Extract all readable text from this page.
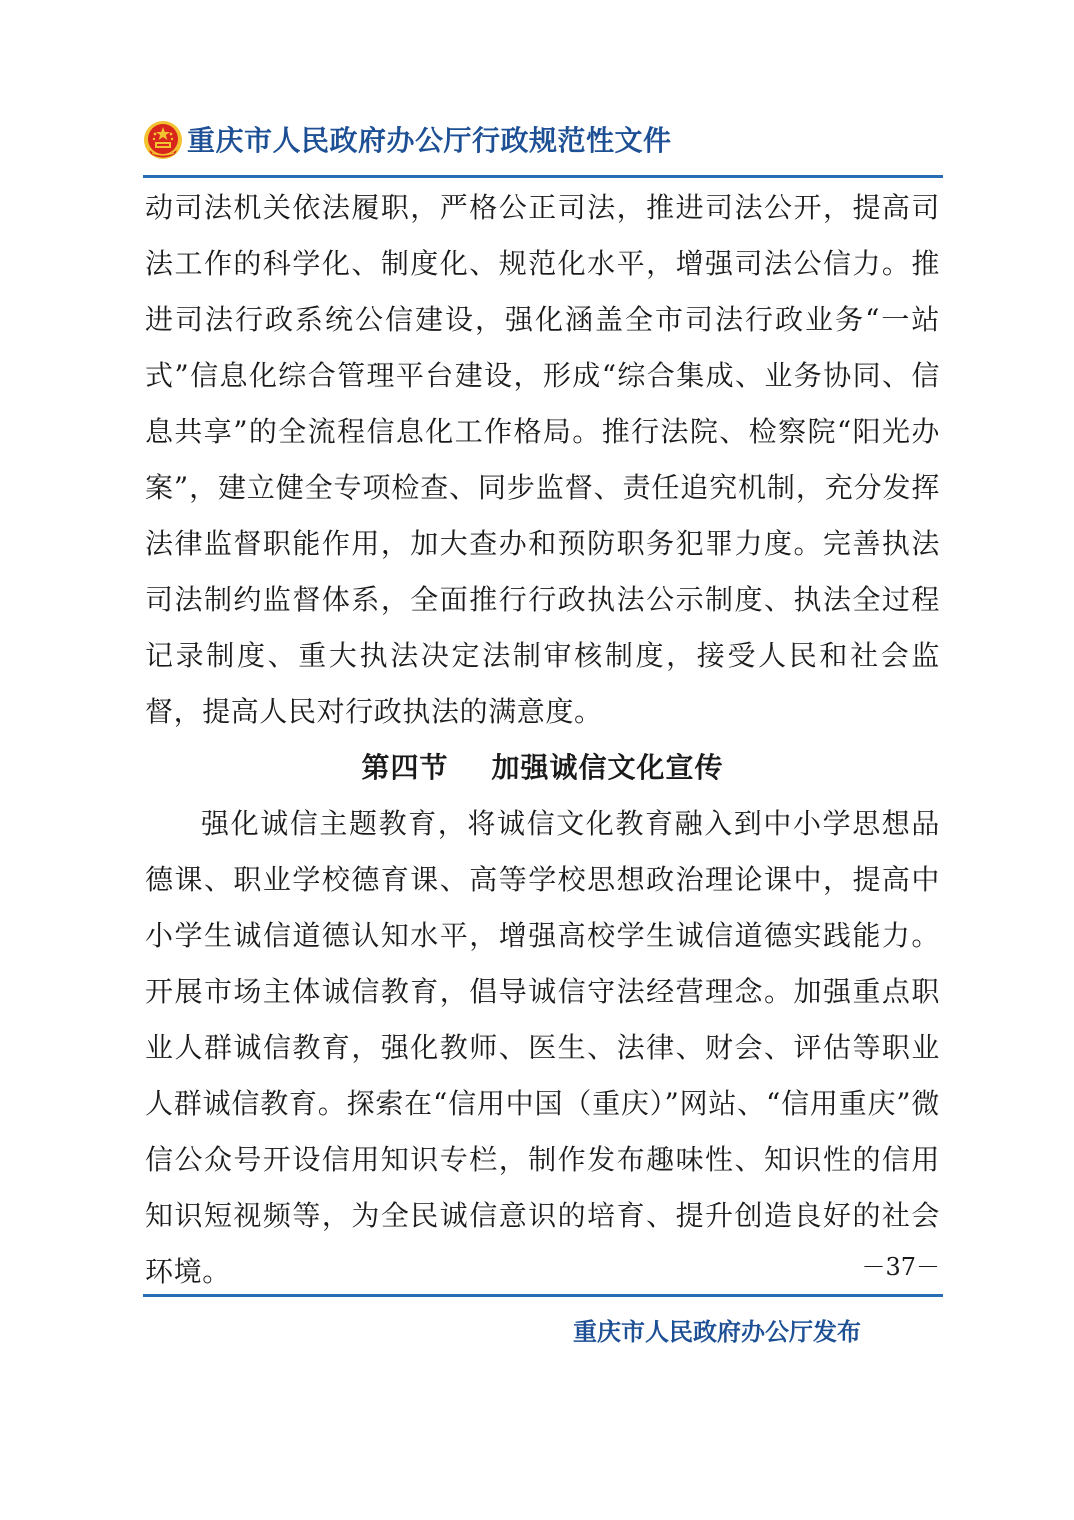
重庆市人民政府办公厅行政规范性文件

动司法机关依法履职，严格公正司法，推进司法公开，提高司法工作的科学化、制度化、规范化水平，增强司法公信力。推进司法行政系统公信建设，强化涵盖全市司法行政业务“一站式”信息化综合管理平台建设，形成“综合集成、业务协同、信息共享”的全流程信息化工作格局。推行法院、检察院“阳光办案”，建立健全专项检查、同步监督、责任追究机制，充分发挥法律监督职能作用，加大查办和预防职务犯罪力度。完善执法司法制约监督体系，全面推行行政执法公示制度、执法全过程记录制度、重大执法决定法制审核制度，接受人民和社会监督，提高人民对行政执法的满意度。

第四节    加强诚信文化宣传

强化诚信主题教育，将诚信文化教育融入到中小学思想品德课、职业学校德育课、高等学校思想政治理论课中，提高中小学生诚信道德认知水平，增强高校学生诚信道德实践能力。开展市场主体诚信教育，倡导诚信守法经营理念。加强重点职业人群诚信教育，强化教师、医生、法律、财会、评估等职业人群诚信教育。探索在“信用中国（重庆）”网站、“信用重庆”微信公众号开设信用知识专栏，制作发布趣味性、知识性的信用知识短视频等，为全民诚信意识的培育、提升创造良好的社会环境。	－37－
重庆市人民政府办公厅发布
